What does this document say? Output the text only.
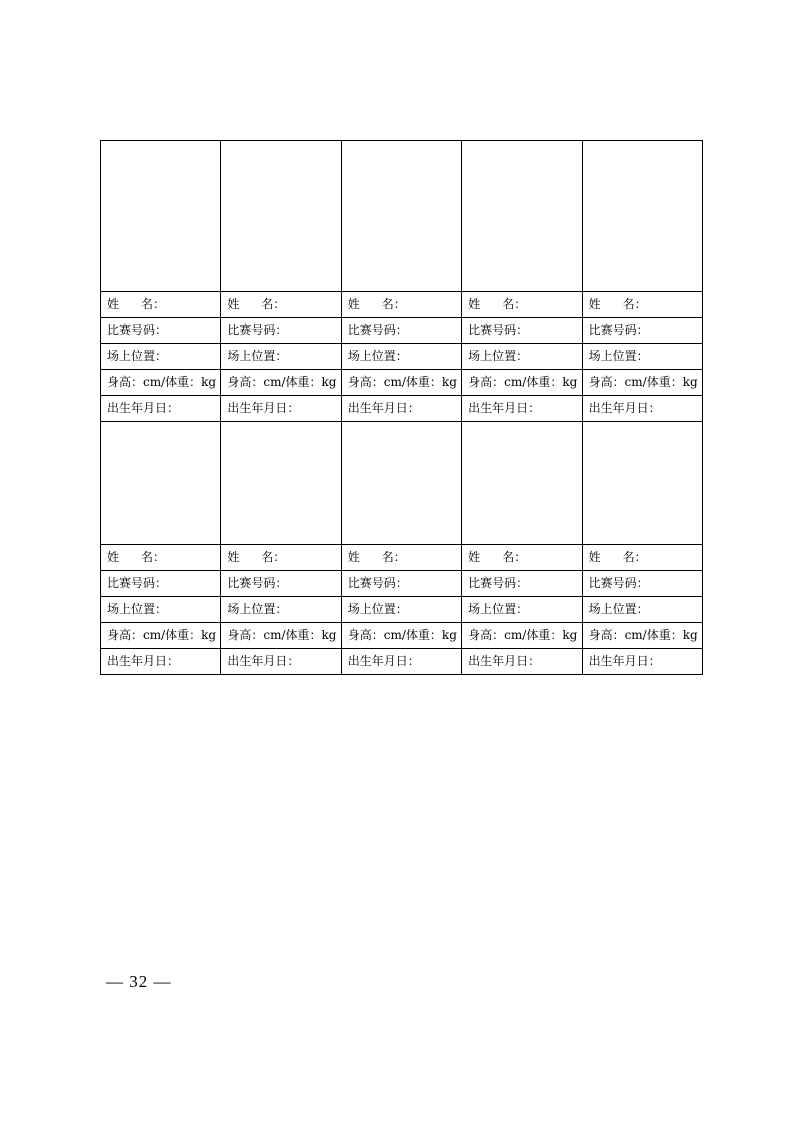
姓 名：	姓 名：	姓 名：	姓 名：	姓 名：
比赛号码：	比赛号码：	比赛号码：	比赛号码：	比赛号码：
场上位置：	场上位置：	场上位置：	场上位置：	场上位置：
身高：cm/体重：kg	身高：cm/体重：kg	身高：cm/体重：kg	身高：cm/体重：kg	身高：cm/体重：kg
出生年月日：	出生年月日：	出生年月日：	出生年月日：	出生年月日：

姓 名：	姓 名：	姓 名：	姓 名：	姓 名：
比赛号码：	比赛号码：	比赛号码：	比赛号码：	比赛号码：
场上位置：	场上位置：	场上位置：	场上位置：	场上位置：
身高：cm/体重：kg	身高：cm/体重：kg	身高：cm/体重：kg	身高：cm/体重：kg	身高：cm/体重：kg
出生年月日：	出生年月日：	出生年月日：	出生年月日：	出生年月日：
— 32 —
